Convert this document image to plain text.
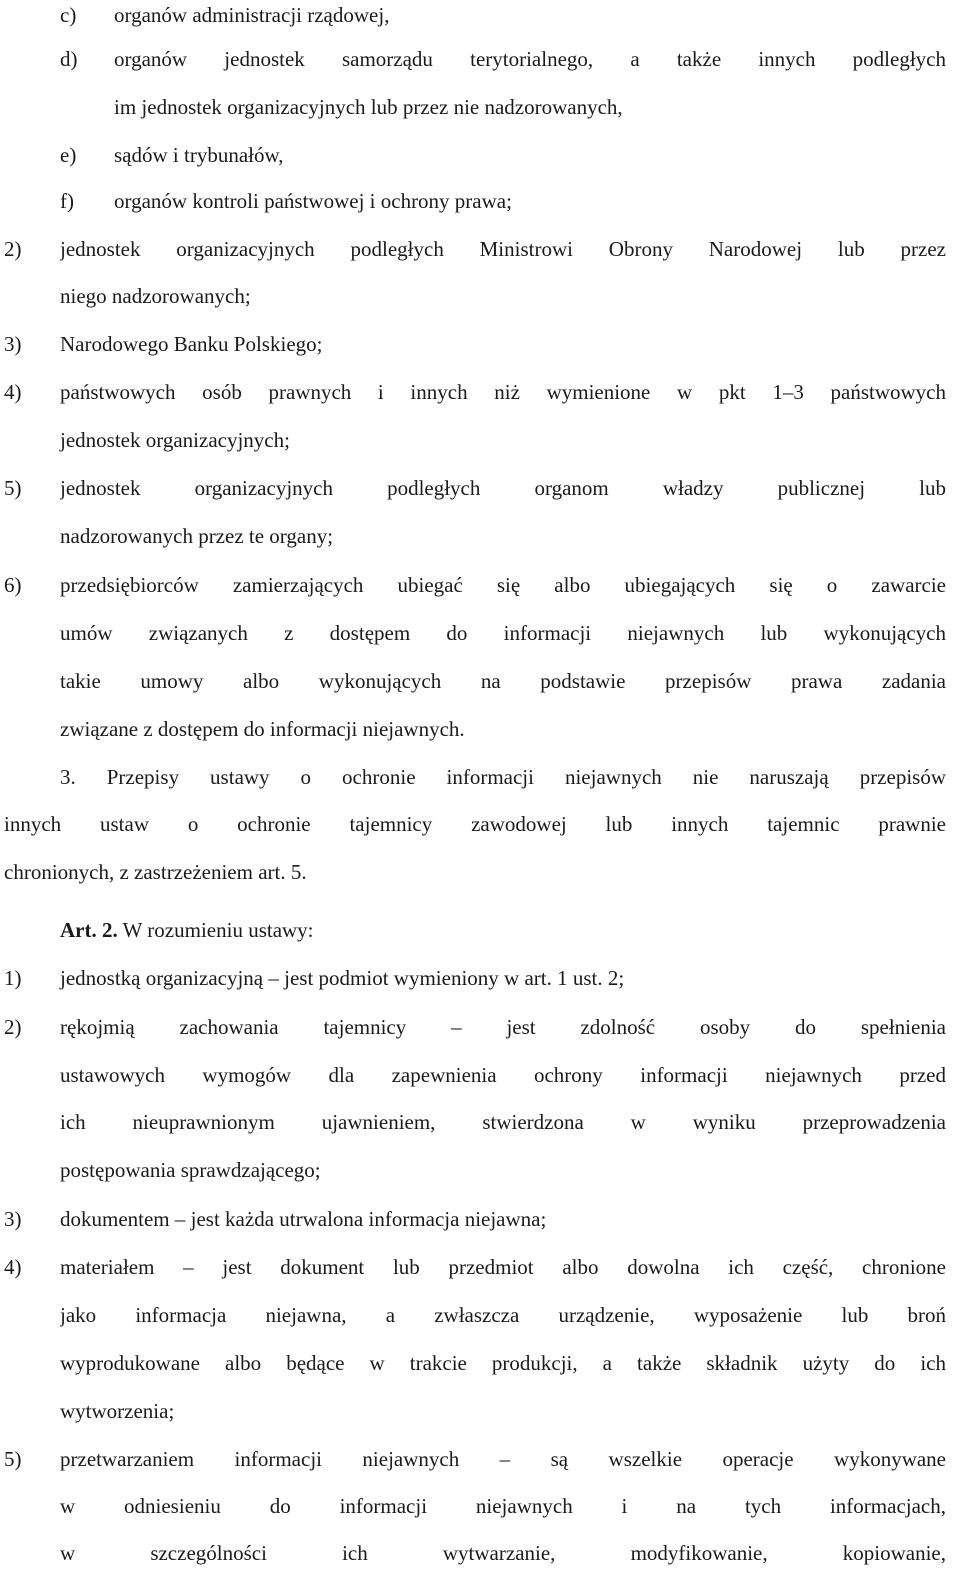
c) organów administracji rządowej,
d) organów jednostek samorządu terytorialnego, a także innych podległych
im jednostek organizacyjnych lub przez nie nadzorowanych,
e) sądów i trybunałów,
f) organów kontroli państwowej i ochrony prawa;
2) jednostek organizacyjnych podległych Ministrowi Obrony Narodowej lub przez
niego nadzorowanych;
3) Narodowego Banku Polskiego;
4) państwowych osób prawnych i innych niż wymienione w pkt 1–3 państwowych
jednostek organizacyjnych;
5) jednostek organizacyjnych podległych organom władzy publicznej lub
nadzorowanych przez te organy;
6) przedsiębiorców zamierzających ubiegać się albo ubiegających się o zawarcie
umów związanych z dostępem do informacji niejawnych lub wykonujących
takie umowy albo wykonujących na podstawie przepisów prawa zadania
związane z dostępem do informacji niejawnych.
3. Przepisy ustawy o ochronie informacji niejawnych nie naruszają przepisów
innych ustaw o ochronie tajemnicy zawodowej lub innych tajemnic prawnie
chronionych, z zastrzeżeniem art. 5.
Art. 2. W rozumieniu ustawy:
1) jednostką organizacyjną – jest podmiot wymieniony w art. 1 ust. 2;
2) rękojmią zachowania tajemnicy – jest zdolność osoby do spełnienia
ustawowych wymogów dla zapewnienia ochrony informacji niejawnych przed
ich nieuprawnionym ujawnieniem, stwierdzona w wyniku przeprowadzenia
postępowania sprawdzającego;
3) dokumentem – jest każda utrwalona informacja niejawna;
4) materiałem – jest dokument lub przedmiot albo dowolna ich część, chronione
jako informacja niejawna, a zwłaszcza urządzenie, wyposażenie lub broń
wyprodukowane albo będące w trakcie produkcji, a także składnik użyty do ich
wytworzenia;
5) przetwarzaniem informacji niejawnych – są wszelkie operacje wykonywane
w odniesieniu do informacji niejawnych i na tych informacjach,
w szczególności ich wytwarzanie, modyfikowanie, kopiowanie,
